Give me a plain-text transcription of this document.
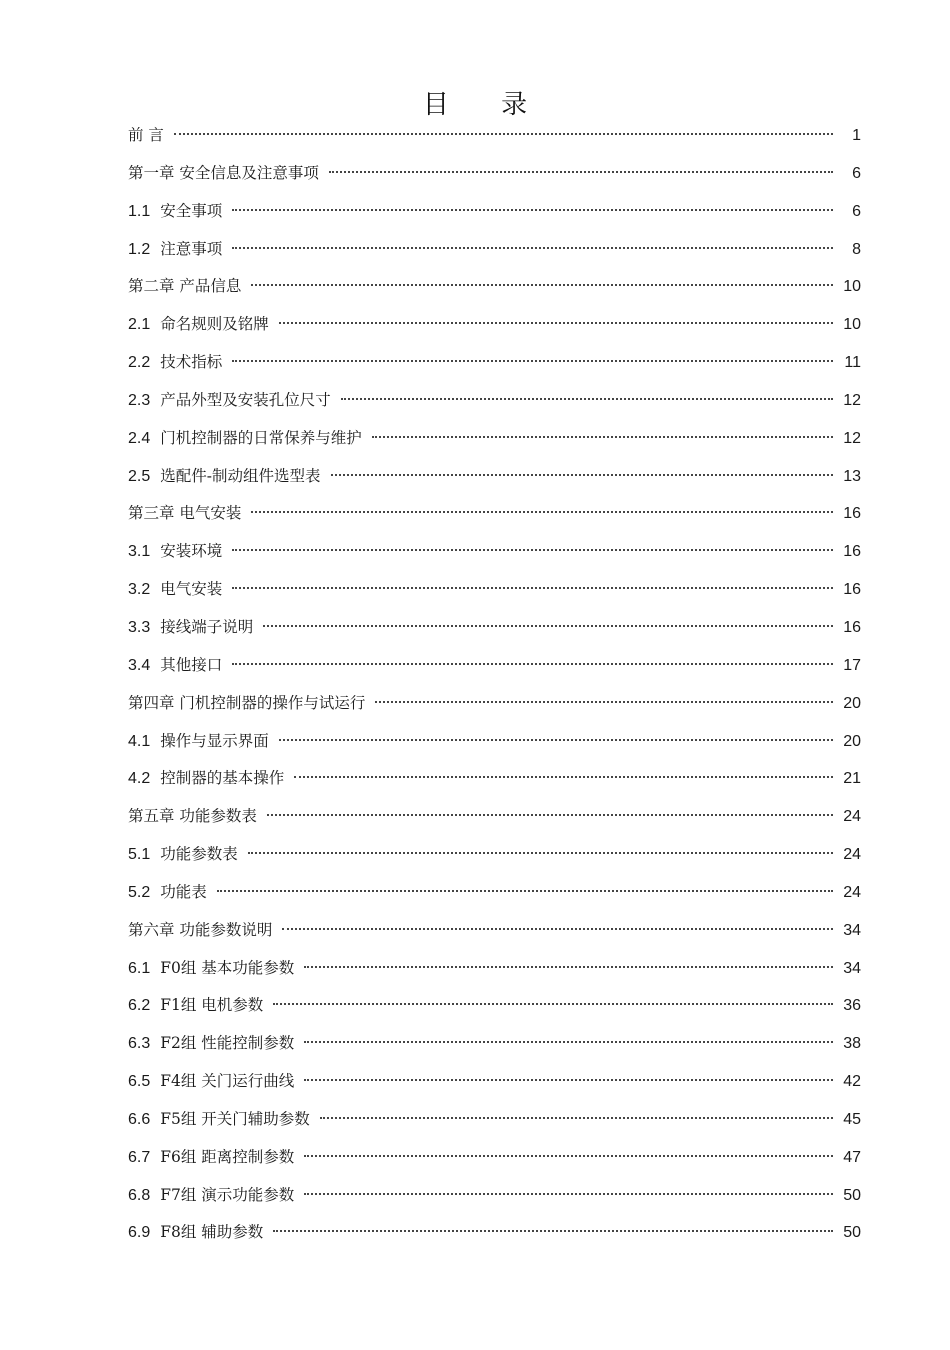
目 录
前 言	1
第一章 安全信息及注意事项	6
1.1 安全事项	6
1.2 注意事项	8
第二章 产品信息	10
2.1 命名规则及铭牌	10
2.2 技术指标	11
2.3 产品外型及安装孔位尺寸	12
2.4 门机控制器的日常保养与维护	12
2.5 选配件-制动组件选型表	13
第三章 电气安装	16
3.1 安装环境	16
3.2 电气安装	16
3.3 接线端子说明	16
3.4 其他接口	17
第四章 门机控制器的操作与试运行	20
4.1 操作与显示界面	20
4.2 控制器的基本操作	21
第五章 功能参数表	24
5.1 功能参数表	24
5.2 功能表	24
第六章 功能参数说明	34
6.1 F0组 基本功能参数	34
6.2 F1组 电机参数	36
6.3 F2组 性能控制参数	38
6.5 F4组 关门运行曲线	42
6.6 F5组 开关门辅助参数	45
6.7 F6组 距离控制参数	47
6.8 F7组 演示功能参数	50
6.9 F8组 辅助参数	50
